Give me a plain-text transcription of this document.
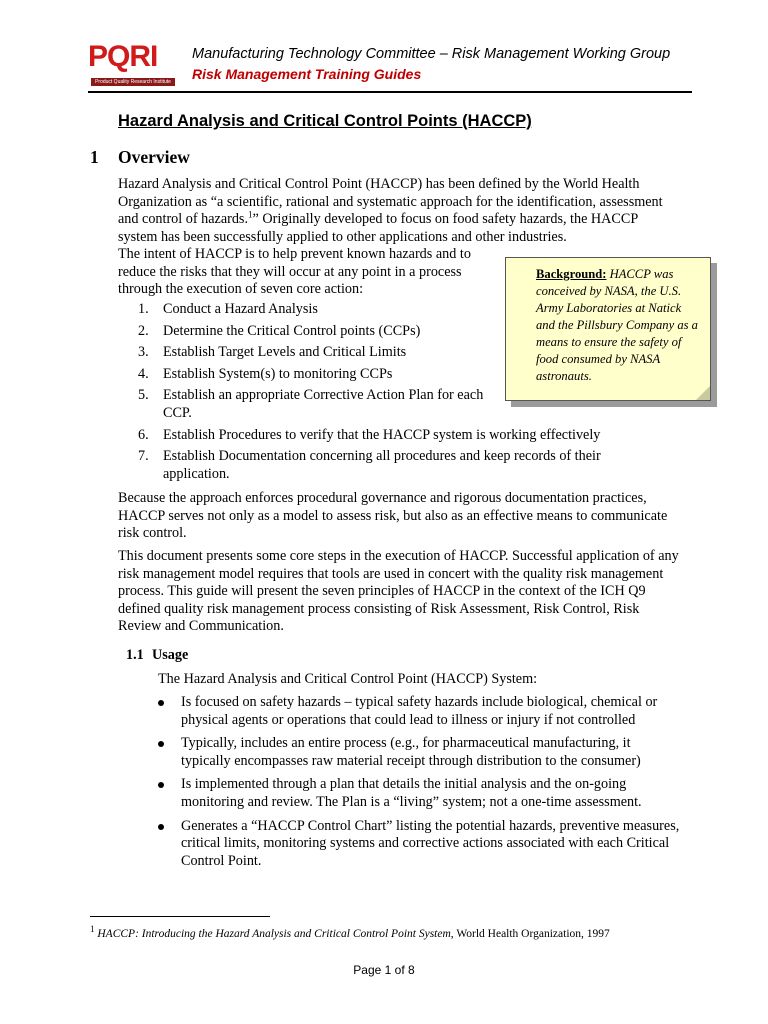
PQRI
Product Quality Research Institute
Manufacturing Technology Committee – Risk Management Working Group
Risk Management Training Guides
Hazard Analysis and Critical Control Points (HACCP)
1 Overview
Hazard Analysis and Critical Control Point (HACCP) has been defined by the World Health Organization as “a scientific, rational and systematic approach for the identification, assessment and control of hazards.$^1$” Originally developed to focus on food safety hazards, the HACCP system has been successfully applied to other applications and other industries.
The intent of HACCP is to help prevent known hazards and to reduce the risks that they will occur at any point in a process through the execution of seven core action:
1. Conduct a Hazard Analysis
2. Determine the Critical Control points (CCPs)
3. Establish Target Levels and Critical Limits
4. Establish System(s) to monitoring CCPs
5. Establish an appropriate Corrective Action Plan for each CCP.
6. Establish Procedures to verify that the HACCP system is working effectively
7. Establish Documentation concerning all procedures and keep records of their application.
Because the approach enforces procedural governance and rigorous documentation practices, HACCP serves not only as a model to assess risk, but also as an effective means to communicate risk control.
This document presents some core steps in the execution of HACCP. Successful application of any risk management model requires that tools are used in concert with the quality risk management process. This guide will present the seven principles of HACCP in the context of the ICH Q9 defined quality risk management process consisting of Risk Assessment, Risk Control, Risk Review and Communication.
Background: HACCP was conceived by NASA, the U.S. Army Laboratories at Natick and the Pillsbury Company as a means to ensure the safety of food consumed by NASA astronauts.
1.1 Usage
The Hazard Analysis and Critical Control Point (HACCP) System:
Is focused on safety hazards – typical safety hazards include biological, chemical or physical agents or operations that could lead to illness or injury if not controlled
Typically, includes an entire process (e.g., for pharmaceutical manufacturing, it typically encompasses raw material receipt through distribution to the consumer)
Is implemented through a plan that details the initial analysis and the on-going monitoring and review. The Plan is a “living” system; not a one-time assessment.
Generates a “HACCP Control Chart” listing the potential hazards, preventive measures, critical limits, monitoring systems and corrective actions associated with each Critical Control Point.
$^1$ HACCP: Introducing the Hazard Analysis and Critical Control Point System, World Health Organization, 1997
Page 1 of 8
